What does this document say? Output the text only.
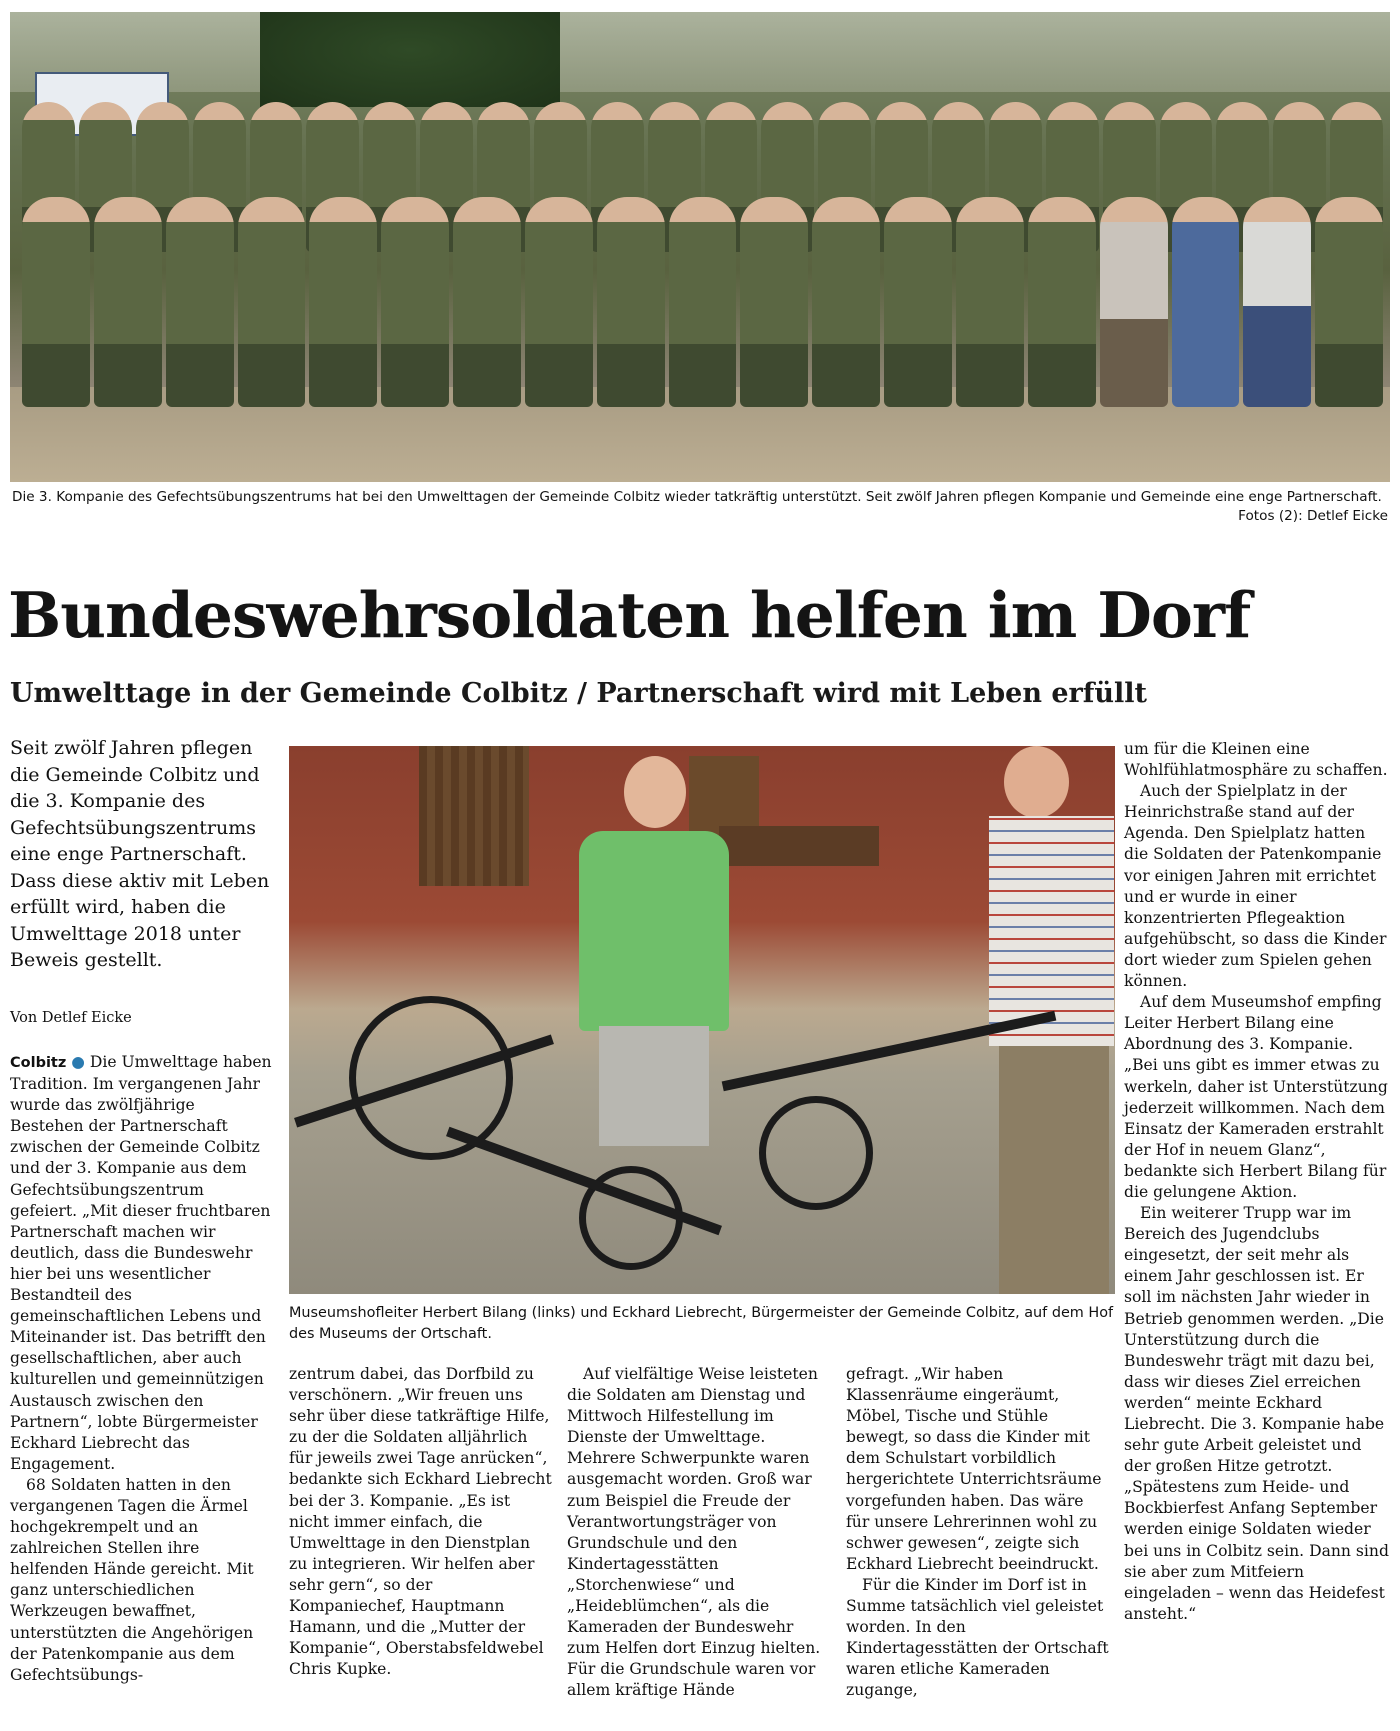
Die 3. Kompanie des Gefechtsübungszentrums hat bei den Umwelttagen der Gemeinde Colbitz wieder tatkräftig unterstützt. Seit zwölf Jahren pflegen Kompanie und Gemeinde eine enge Partnerschaft.
Fotos (2): Detlef Eicke
Bundeswehrsoldaten helfen im Dorf
Umwelttage in der Gemeinde Colbitz / Partnerschaft wird mit Leben erfüllt
Seit zwölf Jahren pflegen die Gemeinde Colbitz und die 3. Kompanie des Gefechtsübungszentrums eine enge Partnerschaft. Dass diese aktiv mit Leben erfüllt wird, haben die Umwelttage 2018 unter Beweis gestellt.
Von Detlef Eicke
Museumshofleiter Herbert Bilang (links) und Eckhard Liebrecht, Bürgermeister der Gemeinde Colbitz, auf dem Hof des Museums der Ortschaft.

Colbitz ● Die Umwelttage haben Tradition. Im vergangenen Jahr wurde das zwölfjährige Bestehen der Partnerschaft zwischen der Gemeinde Colbitz und der 3. Kompanie aus dem Gefechtsübungszentrum gefeiert. „Mit dieser fruchtbaren Partnerschaft machen wir deutlich, dass die Bundeswehr hier bei uns wesentlicher Bestandteil des gemeinschaftlichen Lebens und Miteinander ist. Das betrifft den gesellschaftlichen, aber auch kulturellen und gemeinnützigen Austausch zwischen den Partnern“, lobte Bürgermeister Eckhard Liebrecht das Engagement.

68 Soldaten hatten in den vergangenen Tagen die Ärmel hochgekrempelt und an zahlreichen Stellen ihre helfenden Hände gereicht. Mit ganz unterschiedlichen Werkzeugen bewaffnet, unterstützten die Angehörigen der Patenkompanie aus dem Gefechtsübungs-

zentrum dabei, das Dorfbild zu verschönern. „Wir freuen uns sehr über diese tatkräftige Hilfe, zu der die Soldaten alljährlich für jeweils zwei Tage anrücken“, bedankte sich Eckhard Liebrecht bei der 3. Kompanie. „Es ist nicht immer einfach, die Umwelttage in den Dienstplan zu integrieren. Wir helfen aber sehr gern“, so der Kompaniechef, Hauptmann Hamann, und die „Mutter der Kompanie“, Oberstabsfeldwebel Chris Kupke.

Auf vielfältige Weise leisteten die Soldaten am Dienstag und Mittwoch Hilfestellung im Dienste der Umwelttage. Mehrere Schwerpunkte waren ausgemacht worden. Groß war zum Beispiel die Freude der Verantwortungsträger von Grundschule und den Kindertagesstätten „Storchenwiese“ und „Heideblümchen“, als die Kameraden der Bundeswehr zum Helfen dort Einzug hielten. Für die Grundschule waren vor allem kräftige Hände

gefragt. „Wir haben Klassenräume eingeräumt, Möbel, Tische und Stühle bewegt, so dass die Kinder mit dem Schulstart vorbildlich hergerichtete Unterrichtsräume vorgefunden haben. Das wäre für unsere Lehrerinnen wohl zu schwer gewesen“, zeigte sich Eckhard Liebrecht beeindruckt.

Für die Kinder im Dorf ist in Summe tatsächlich viel geleistet worden. In den Kindertagesstätten der Ortschaft waren etliche Kameraden zugange,

um für die Kleinen eine Wohlfühlatmosphäre zu schaffen.

Auch der Spielplatz in der Heinrichstraße stand auf der Agenda. Den Spielplatz hatten die Soldaten der Patenkompanie vor einigen Jahren mit errichtet und er wurde in einer konzentrierten Pflegeaktion aufgehübscht, so dass die Kinder dort wieder zum Spielen gehen können.

Auf dem Museumshof empfing Leiter Herbert Bilang eine Abordnung des 3. Kompanie. „Bei uns gibt es immer etwas zu werkeln, daher ist Unterstützung jederzeit willkommen. Nach dem Einsatz der Kameraden erstrahlt der Hof in neuem Glanz“, bedankte sich Herbert Bilang für die gelungene Aktion.

Ein weiterer Trupp war im Bereich des Jugendclubs eingesetzt, der seit mehr als einem Jahr geschlossen ist. Er soll im nächsten Jahr wieder in Betrieb genommen werden. „Die Unterstützung durch die Bundeswehr trägt mit dazu bei, dass wir dieses Ziel erreichen werden“ meinte Eckhard Liebrecht. Die 3. Kompanie habe sehr gute Arbeit geleistet und der großen Hitze getrotzt. „Spätestens zum Heide- und Bockbierfest Anfang September werden einige Soldaten wieder bei uns in Colbitz sein. Dann sind sie aber zum Mitfeiern eingeladen – wenn das Heidefest ansteht.“
